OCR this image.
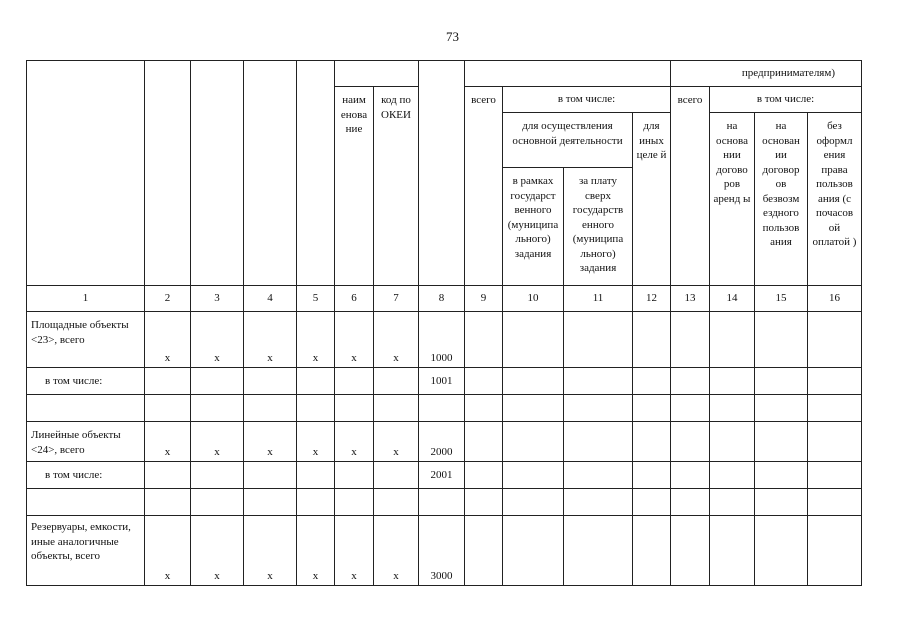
73
												предпринимателям)			
					наим енова ние	код по ОКЕИ		всего	в том числе:			всего	в том числе:		
									для осуществления основной деятельности		для иных целе й		на основа нии догово ров аренд ы	на основан ии договор ов безвозм ездного пользов ания	без оформл ения права пользов ания (с почасов ой оплатой )
									в рамках государст венного (муниципа льного) задания	за плату сверх государств енного (муниципа льного) задания					

1	2	3	4	5	6	7	8	9	10	11	12	13	14	15	16
Площадные объекты <23>, всего	х	х	х	х	х	х	1000								
в том числе:							1001								

Линейные объекты <24>, всего	х	х	х	х	х	х	2000								
в том числе:							2001								

Резервуары, емкости, иные аналогичные объекты, всего	х	х	х	х	х	х	3000								
